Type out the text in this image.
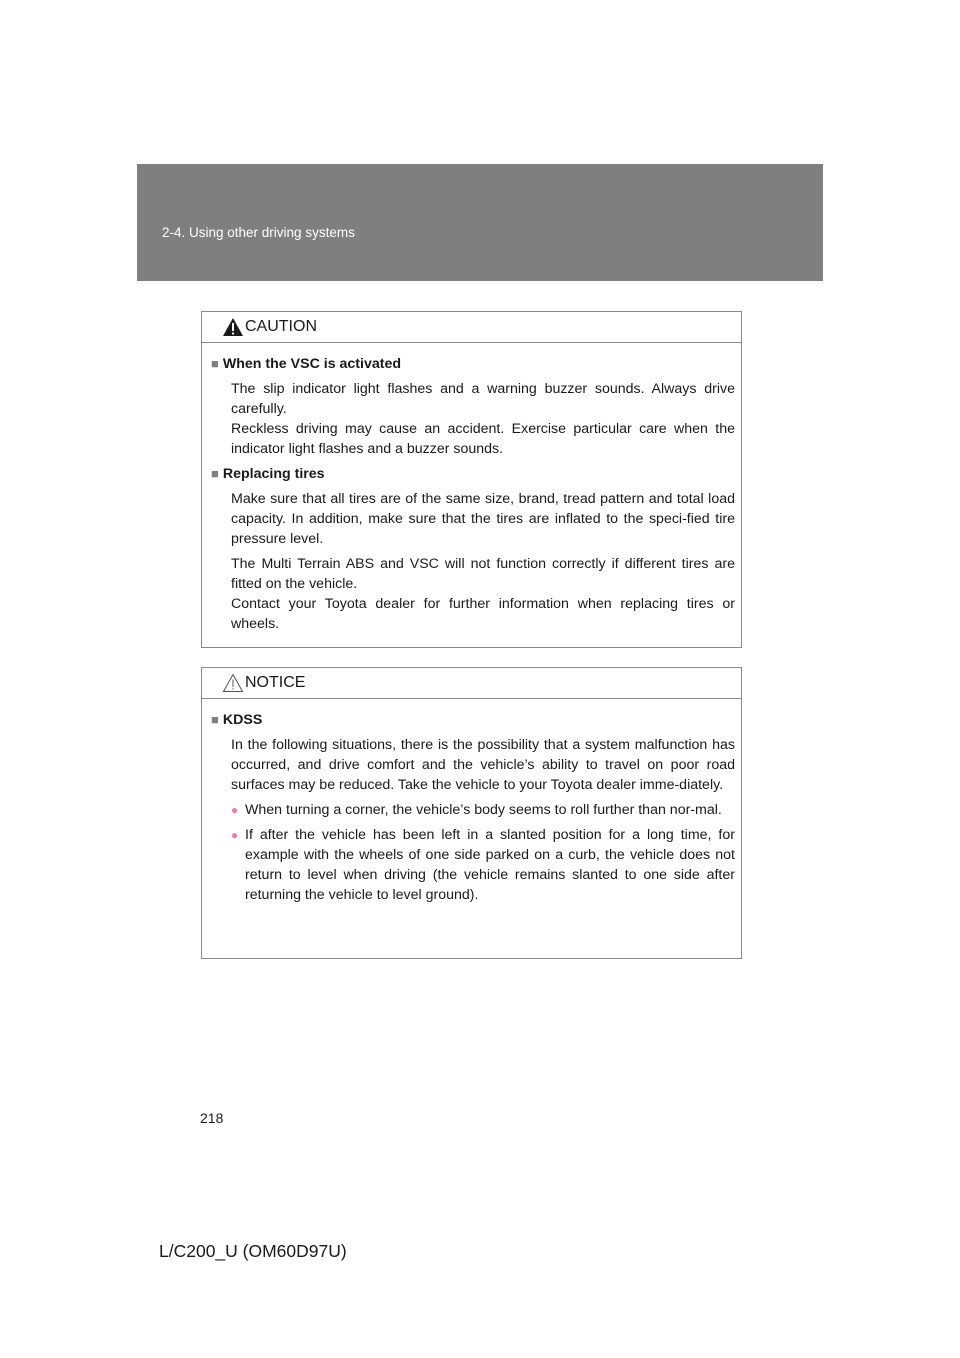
2-4. Using other driving systems
CAUTION
■ When the VSC is activated
The slip indicator light flashes and a warning buzzer sounds. Always drive carefully.
Reckless driving may cause an accident. Exercise particular care when the indicator light flashes and a buzzer sounds.
■ Replacing tires
Make sure that all tires are of the same size, brand, tread pattern and total load capacity. In addition, make sure that the tires are inflated to the speci-fied tire pressure level.
The Multi Terrain ABS and VSC will not function correctly if different tires are fitted on the vehicle.
Contact your Toyota dealer for further information when replacing tires or wheels.
NOTICE
■ KDSS
In the following situations, there is the possibility that a system malfunction has occurred, and drive comfort and the vehicle’s ability to travel on poor road surfaces may be reduced. Take the vehicle to your Toyota dealer imme-diately.
● When turning a corner, the vehicle’s body seems to roll further than nor-mal.
● If after the vehicle has been left in a slanted position for a long time, for example with the wheels of one side parked on a curb, the vehicle does not return to level when driving (the vehicle remains slanted to one side after returning the vehicle to level ground).
218
L/C200_U (OM60D97U)
